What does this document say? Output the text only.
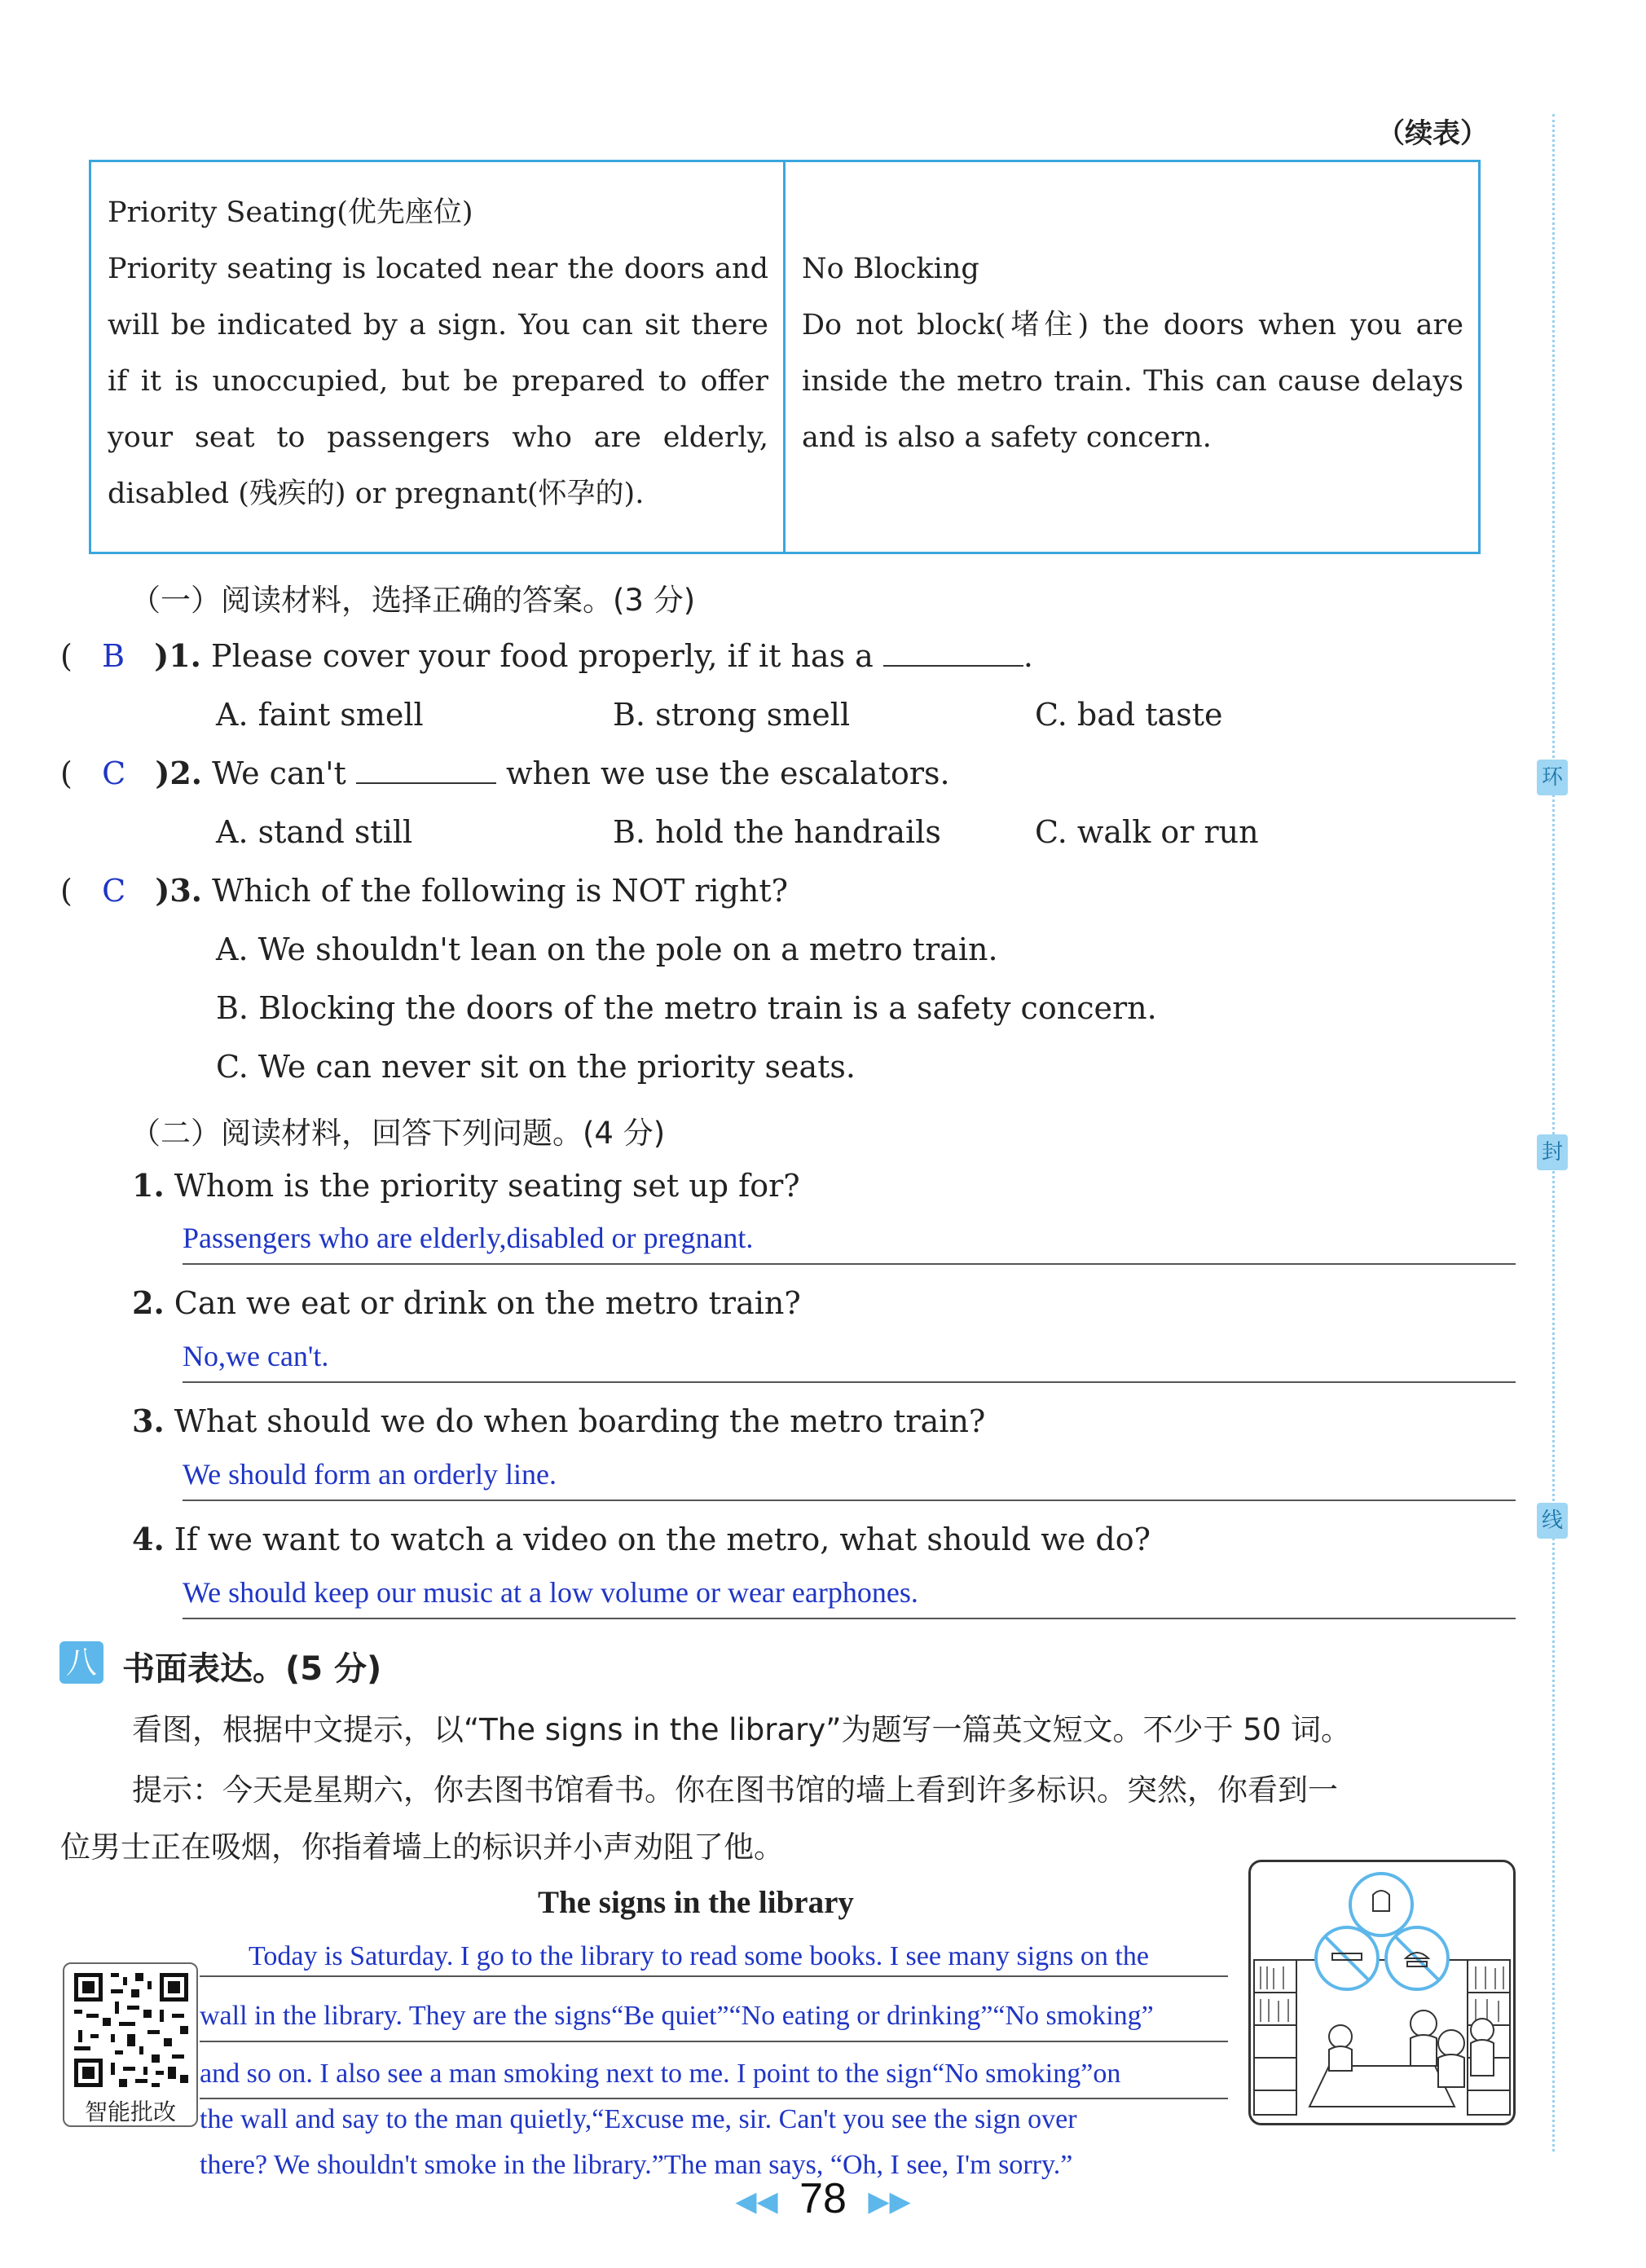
（续表）
环
封
线
Priority Seating(优先座位)
Priority seating is located near the doors and will be indicated by a sign. You can sit there if it is unoccupied, but be prepared to offer your seat to passengers who are elderly, disabled (残疾的) or pregnant(怀孕的).
No Blocking
Do not block(堵住) the doors when you are inside the metro train. This can cause delays and is also a safety concern.
（一）阅读材料，选择正确的答案。(3 分)
(   B )1. Please cover your food properly, if it has a	.
A. faint smell	B. strong smell	C. bad taste
(   C )2. We can't	when we use the escalators.
A. stand still	B. hold the handrails	C. walk or run
(   C )3. Which of the following is NOT right?
A. We shouldn't lean on the pole on a metro train.
B. Blocking the doors of the metro train is a safety concern.
C. We can never sit on the priority seats.
（二）阅读材料，回答下列问题。(4 分)
1. Whom is the priority seating set up for?
Passengers who are elderly,disabled or pregnant.
2. Can we eat or drink on the metro train?
No,we can't.
3. What should we do when boarding the metro train?
We should form an orderly line.
4. If we want to watch a video on the metro, what should we do?
We should keep our music at a low volume or wear earphones.
八 书面表达。(5 分)
看图，根据中文提示，以“The signs in the library”为题写一篇英文短文。不少于 50 词。
提示：今天是星期六，你去图书馆看书。你在图书馆的墙上看到许多标识。突然，你看到一
位男士正在吸烟，你指着墙上的标识并小声劝阻了他。
The signs in the library
Today is Saturday. I go to the library to read some books. I see many signs on the
wall in the library. They are the signs“Be quiet”“No eating or drinking”“No smoking”
and so on. I also see a man smoking next to me. I point to the sign“No smoking”on
the wall and say to the man quietly,“Excuse me, sir. Can't you see the sign over
there? We shouldn't smoke in the library.”The man says, “Oh, I see, I'm sorry.”
智能批改
◀◀ 78 ▶▶
